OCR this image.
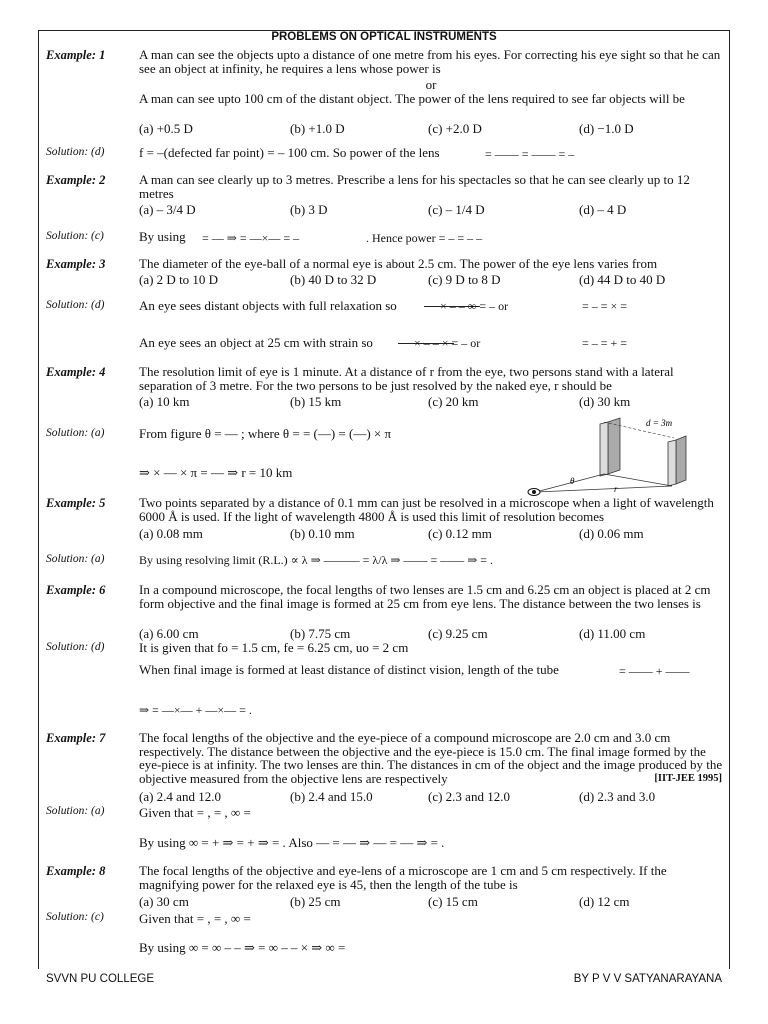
PROBLEMS ON OPTICAL INSTRUMENTS
Example: 1	A man can see the objects upto a distance of one metre from his eyes. For correcting his eye sight so that he can see an object at infinity, he requires a lens whose power is
or
A man can see upto 100 cm of the distant object. The power of the lens required to see far objects will be
(a) +0.5 D	(b) +1.0 D	(c) +2.0 D	(d) −1.0 D
Solution: (d)	f = –(defected far point) = – 100 cm. So power of the lens	= —— = —— = –
Example: 2	A man can see clearly up to 3 metres. Prescribe a lens for his spectacles so that he can see clearly up to 12 metres
(a) – 3/4 D	(b) 3 D	(c) – 1/4 D	(d) – 4 D
Solution: (c)	By using	= — ⇒ = —×— = –	. Hence power = – = – –
Example: 3	The diameter of the eye-ball of a normal eye is about 2.5 cm. The power of the eye lens varies from
(a) 2 D to 10 D	(b) 40 D to 32 D	(c) 9 D to 8 D	(d) 44 D to 40 D
Solution: (d)	An eye sees distant objects with full relaxation so	× – – ∞ = – or	= – = × =
An eye sees an object at 25 cm with strain so	× – – × = – or	= – = + =
Example: 4	The resolution limit of eye is 1 minute. At a distance of r from the eye, two persons stand with a lateral separation of 3 metre. For the two persons to be just resolved by the naked eye, r should be
(a) 10 km	(b) 15 km	(c) 20 km	(d) 30 km
Solution: (a)	From figure θ = — ; where θ = = (—) = (—) × π
⇒ × — × π = — ⇒ r = 10 km
d = 3m
θ
r
Example: 5	Two points separated by a distance of 0.1 mm can just be resolved in a microscope when a light of wavelength 6000 Å is used. If the light of wavelength 4800 Å is used this limit of resolution becomes
(a) 0.08 mm	(b) 0.10 mm	(c) 0.12 mm	(d) 0.06 mm
Solution: (a)	By using resolving limit (R.L.) ∝ λ ⇒ ——— = λ/λ ⇒ —— = —— ⇒ = .
Example: 6	In a compound microscope, the focal lengths of two lenses are 1.5 cm and 6.25 cm an object is placed at 2 cm form objective and the final image is formed at 25 cm from eye lens. The distance between the two lenses is
(a) 6.00 cm	(b) 7.75 cm	(c) 9.25 cm	(d) 11.00 cm
Solution: (d)	It is given that fo = 1.5 cm, fe = 6.25 cm, uo = 2 cm
When final image is formed at least distance of distinct vision, length of the tube	= —— + ——
⇒ = —×— + —×— = .
Example: 7	The focal lengths of the objective and the eye-piece of a compound microscope are 2.0 cm and 3.0 cm respectively. The distance between the objective and the eye-piece is 15.0 cm. The final image formed by the eye-piece is at infinity. The two lenses are thin. The distances in cm of the object and the image produced by the objective measured from the objective lens are respectively	[IIT-JEE 1995]
(a) 2.4 and 12.0	(b) 2.4 and 15.0	(c) 2.3 and 12.0	(d) 2.3 and 3.0
Solution: (a)	Given that = , = , ∞ =
By using ∞ = + ⇒ = + ⇒ = . Also — = — ⇒ — = — ⇒ = .
Example: 8	The focal lengths of the objective and eye-lens of a microscope are 1 cm and 5 cm respectively. If the magnifying power for the relaxed eye is 45, then the length of the tube is
(a) 30 cm	(b) 25 cm	(c) 15 cm	(d) 12 cm
Solution: (c)	Given that = , = , ∞ =
By using ∞ = ∞ – – ⇒ = ∞ – – × ⇒ ∞ =
SVVN PU COLLEGE	BY P V V SATYANARAYANA
